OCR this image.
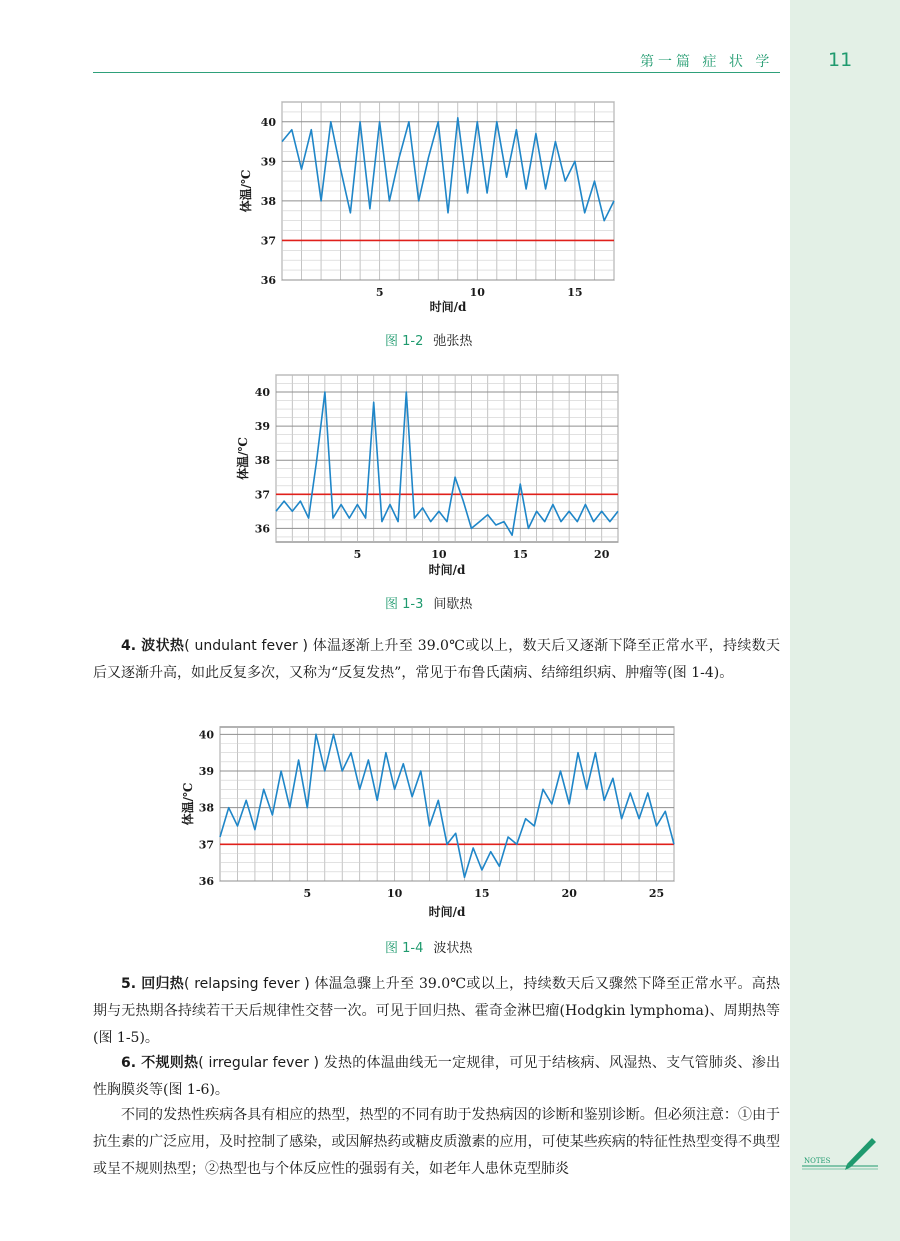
第一篇 症 状 学	11
36
37
38
39
40
5	10	15
体温/℃
时间/d
图 1-2 弛张热
36
37
38
39
40
5	10	15	20
体温/℃
时间/d
图 1-3 间歇热
4. 波状热( undulant fever ) 体温逐渐上升至 39.0℃或以上，数天后又逐渐下降至正常水平，持续数天后又逐渐升高，如此反复多次，又称为“反复发热”，常见于布鲁氏菌病、结缔组织病、肿瘤等(图 1-4)。
36
37
38
39
40
5	10	15	20	25
体温/℃
时间/d
图 1-4 波状热
5. 回归热( relapsing fever ) 体温急骤上升至 39.0℃或以上，持续数天后又骤然下降至正常水平。高热期与无热期各持续若干天后规律性交替一次。可见于回归热、霍奇金淋巴瘤(Hodgkin lymphoma)、周期热等(图 1-5)。
6. 不规则热( irregular fever ) 发热的体温曲线无一定规律，可见于结核病、风湿热、支气管肺炎、渗出性胸膜炎等(图 1-6)。
不同的发热性疾病各具有相应的热型，热型的不同有助于发热病因的诊断和鉴别诊断。但必须注意：①由于抗生素的广泛应用，及时控制了感染，或因解热药或糖皮质激素的应用，可使某些疾病的特征性热型变得不典型或呈不规则热型；②热型也与个体反应性的强弱有关，如老年人患休克型肺炎	NOTES
